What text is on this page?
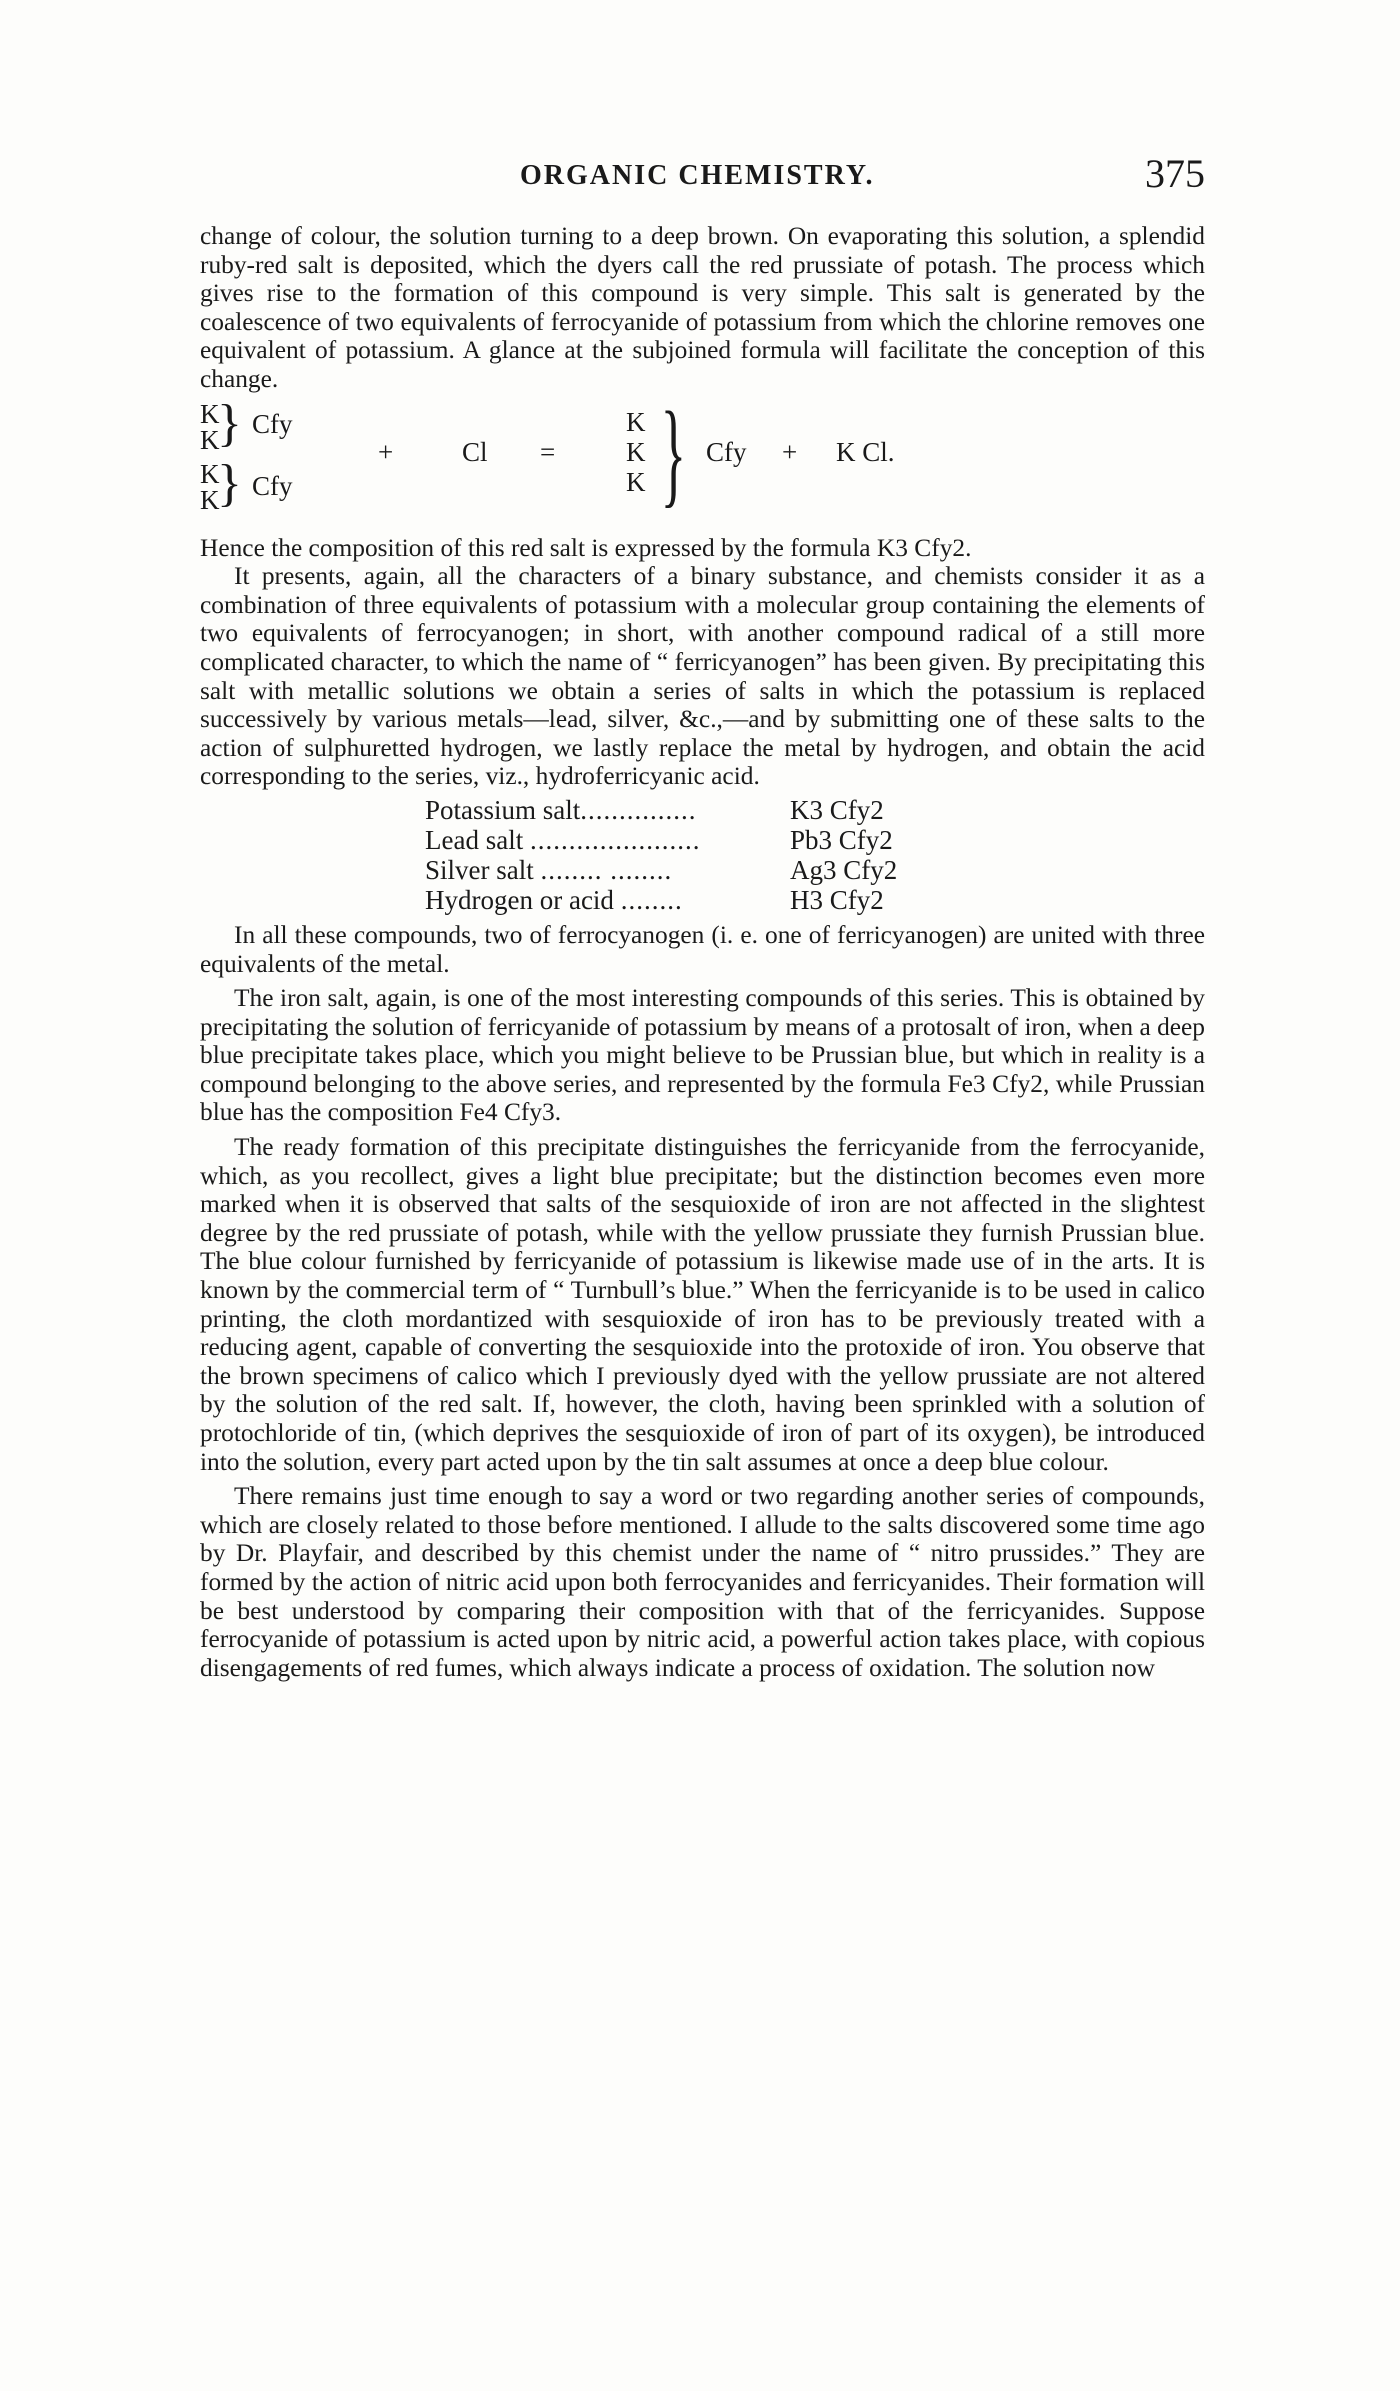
ORGANIC CHEMISTRY.	375

change of colour, the solution turning to a deep brown. On evaporating this solution, a splendid ruby-red salt is deposited, which the dyers call the red prussiate of potash. The process which gives rise to the formation of this compound is very simple. This salt is generated by the coalescence of two equivalents of ferrocyanide of potassium from which the chlorine removes one equivalent of potassium. A glance at the subjoined formula will facilitate the conception of this change.

K
K
} Cfy
K
K
} Cfy
+	Cl =
K
K
K } Cfy + K Cl.

Hence the composition of this red salt is expressed by the formula K3 Cfy2.

It presents, again, all the characters of a binary substance, and chemists consider it as a combination of three equivalents of potassium with a molecular group containing the elements of two equivalents of ferrocyanogen; in short, with another compound radical of a still more complicated character, to which the name of “ ferricyanogen” has been given. By precipitating this salt with metallic solutions we obtain a series of salts in which the potassium is replaced successively by various metals—lead, silver, &c.,—and by submitting one of these salts to the action of sulphuretted hydrogen, we lastly replace the metal by hydrogen, and obtain the acid corresponding to the series, viz., hydroferricyanic acid.

Potassium salt...............	K3 Cfy2
Lead salt ......................	Pb3 Cfy2
Silver salt ........ ........	Ag3 Cfy2
Hydrogen or acid ........	H3 Cfy2

In all these compounds, two of ferrocyanogen (i. e. one of ferricyanogen) are united with three equivalents of the metal.

The iron salt, again, is one of the most interesting compounds of this series. This is obtained by precipitating the solution of ferricyanide of potassium by means of a protosalt of iron, when a deep blue precipitate takes place, which you might believe to be Prussian blue, but which in reality is a compound belonging to the above series, and represented by the formula Fe3 Cfy2, while Prussian blue has the composition Fe4 Cfy3.

The ready formation of this precipitate distinguishes the ferricyanide from the ferrocyanide, which, as you recollect, gives a light blue precipitate; but the distinction becomes even more marked when it is observed that salts of the sesquioxide of iron are not affected in the slightest degree by the red prussiate of potash, while with the yellow prussiate they furnish Prussian blue. The blue colour furnished by ferricyanide of potassium is likewise made use of in the arts. It is known by the commercial term of “ Turnbull’s blue.” When the ferricyanide is to be used in calico printing, the cloth mordantized with sesquioxide of iron has to be previously treated with a reducing agent, capable of converting the sesquioxide into the protoxide of iron. You observe that the brown specimens of calico which I previously dyed with the yellow prussiate are not altered by the solution of the red salt. If, however, the cloth, having been sprinkled with a solution of protochloride of tin, (which deprives the sesquioxide of iron of part of its oxygen), be introduced into the solution, every part acted upon by the tin salt assumes at once a deep blue colour.

There remains just time enough to say a word or two regarding another series of compounds, which are closely related to those before mentioned. I allude to the salts discovered some time ago by Dr. Playfair, and described by this chemist under the name of “ nitro prussides.” They are formed by the action of nitric acid upon both ferrocyanides and ferricyanides. Their formation will be best understood by comparing their composition with that of the ferricyanides. Suppose ferrocyanide of potassium is acted upon by nitric acid, a powerful action takes place, with copious disengagements of red fumes, which always indicate a process of oxidation. The solution now
